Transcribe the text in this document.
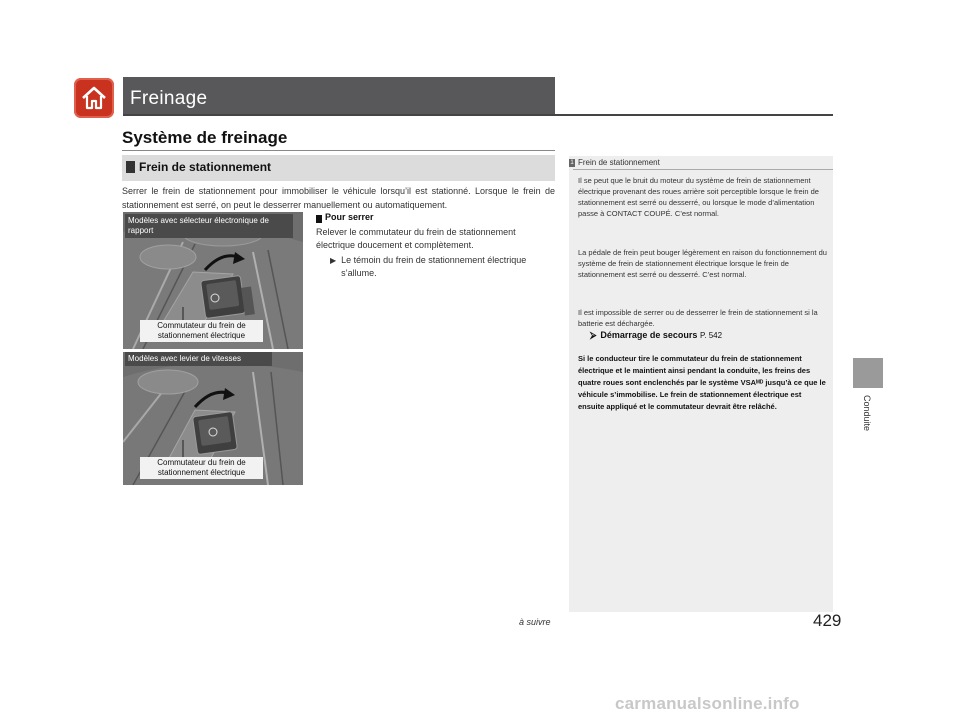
Freinage
Système de freinage
Frein de stationnement
Serrer le frein de stationnement pour immobiliser le véhicule lorsqu’il est stationné. Lorsque le frein de stationnement est serré, on peut le desserrer manuellement ou automatiquement.
Modèles avec sélecteur électronique de rapport
Commutateur du frein de
stationnement électrique
Modèles avec levier de vitesses
Commutateur du frein de
stationnement électrique
Pour serrer
Relever le commutateur du frein de stationnement électrique doucement et complètement.
▶ Le témoin du frein de stationnement électrique s’allume.
1 Frein de stationnement
Il se peut que le bruit du moteur du système de frein de stationnement électrique provenant des roues arrière soit perceptible lorsque le frein de stationnement est serré ou desserré, ou lorsque le mode d’alimentation passe à CONTACT COUPÉ. C’est normal.
La pédale de frein peut bouger légèrement en raison du fonctionnement du système de frein de stationnement électrique lorsque le frein de stationnement est serré ou desserré. C’est normal.
Il est impossible de serrer ou de desserrer le frein de stationnement si la batterie est déchargée.
⮚ Démarrage de secours P. 542
Si le conducteur tire le commutateur du frein de stationnement électrique et le maintient ainsi pendant la conduite, les freins des quatre roues sont enclenchés par le système VSAᴹᴰ jusqu’à ce que le véhicule s’immobilise. Le frein de stationnement électrique est ensuite appliqué et le commutateur devrait être relâché.	Conduite
à suivre	429
carmanualsonline.info
